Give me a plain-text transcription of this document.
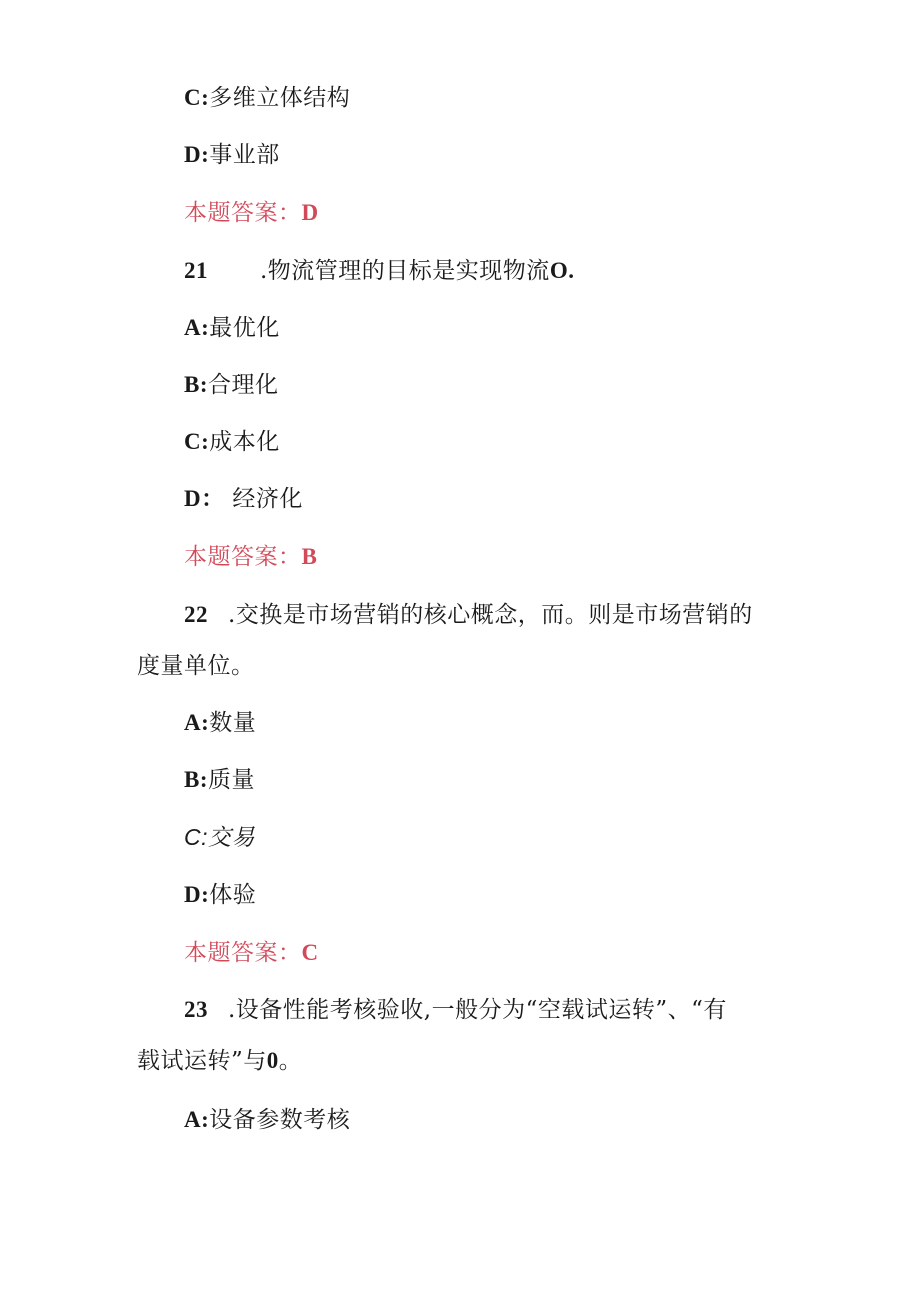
C:多维立体结构
D:事业部
本题答案：D
21 .物流管理的目标是实现物流O.
A:最优化
B:合理化
C:成本化
D： 经济化
本题答案：B
22 .交换是市场营销的核心概念，而。则是市场营销的
度量单位。
A:数量
B:质量
C:交易
D:体验
本题答案：C
23 .设备性能考核验收,一般分为“空载试运转”、“有
载试运转”与0。
A:设备参数考核
